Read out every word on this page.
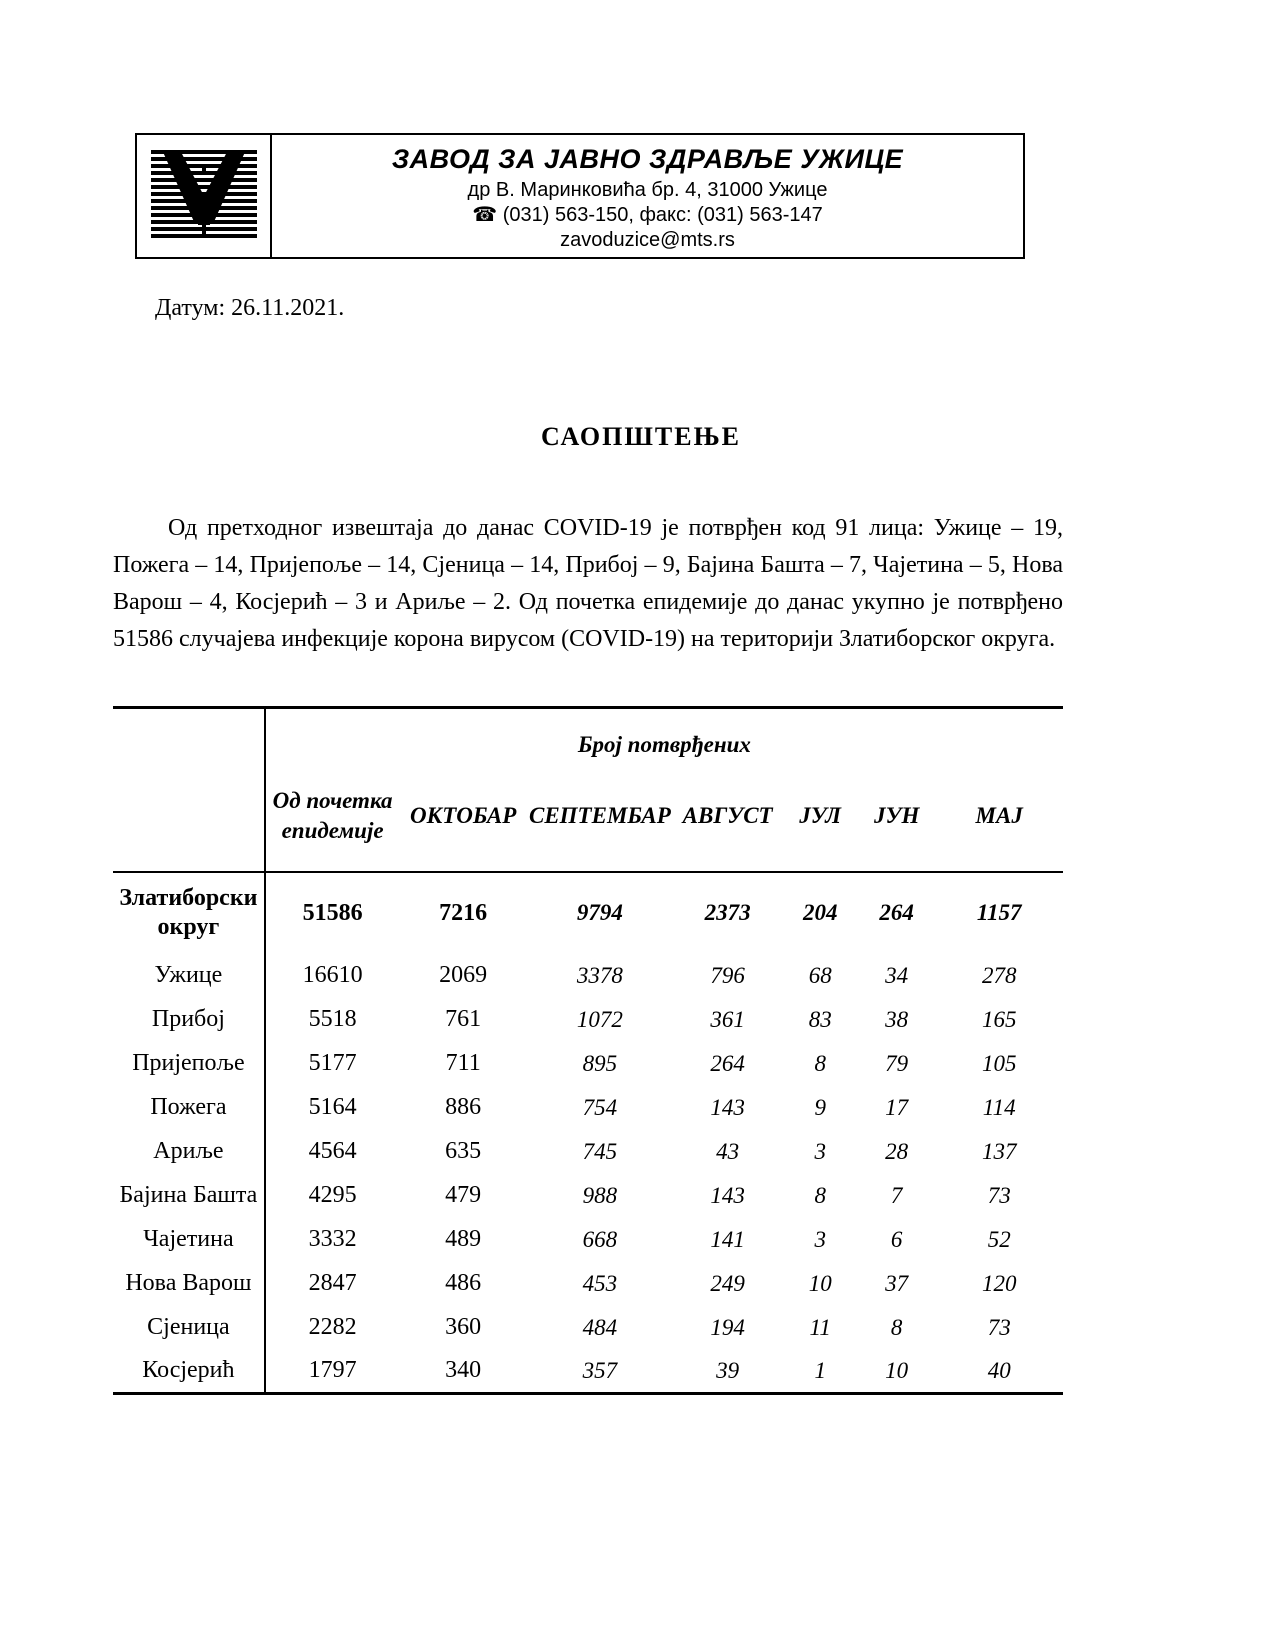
ЗАВОД ЗА ЈАВНО ЗДРАВЉЕ УЖИЦЕ
др В. Маринковића бр. 4, 31000 Ужице
☎ (031) 563-150, факс: (031) 563-147
zavoduzice@mts.rs
Датум: 26.11.2021.
САОПШТЕЊЕ

Од претходног извештаја до данас COVID-19 је потврђен код 91 лица: Ужице – 19, Пожега – 14, Пријепоље – 14, Сјеница – 14, Прибој – 9, Бајина Башта – 7, Чајетина – 5, Нова Варош – 4, Косјерић – 3 и Ариље – 2. Од почетка епидемије до данас укупно је потврђено 51586 случајева инфекције корона вирусом (COVID-19) на територији Златиборског округа.

	Број потврђених						
	Од почетка епидемије	ОКТОБАР	СЕПТЕМБАР	АВГУСТ	ЈУЛ	ЈУН	МАЈ
Златиборски округ	51586	7216	9794	2373	204	264	1157
Ужице	16610	2069	3378	796	68	34	278
Прибој	5518	761	1072	361	83	38	165
Пријепоље	5177	711	895	264	8	79	105
Пожега	5164	886	754	143	9	17	114
Ариље	4564	635	745	43	3	28	137
Бајина Башта	4295	479	988	143	8	7	73
Чајетина	3332	489	668	141	3	6	52
Нова Варош	2847	486	453	249	10	37	120
Сјеница	2282	360	484	194	11	8	73
Косјерић	1797	340	357	39	1	10	40
